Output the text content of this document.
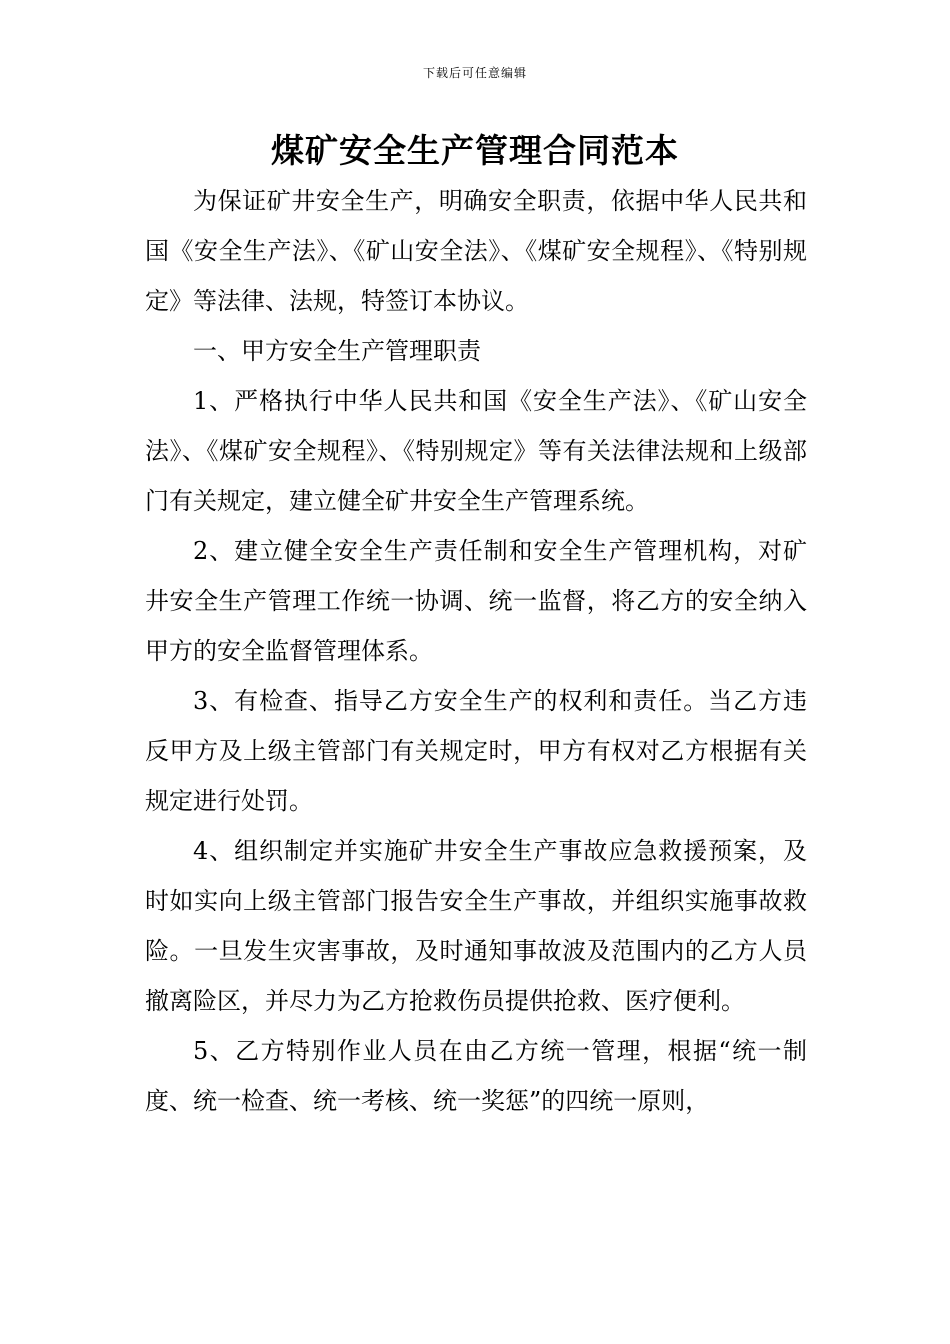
下载后可任意编辑
煤矿安全生产管理合同范本

为保证矿井安全生产，明确安全职责，依据中华人民共和国《安全生产法》、《矿山安全法》、《煤矿安全规程》、《特别规定》等法律、法规，特签订本协议。

一、甲方安全生产管理职责

1、严格执行中华人民共和国《安全生产法》、《矿山安全法》、《煤矿安全规程》、《特别规定》等有关法律法规和上级部门有关规定，建立健全矿井安全生产管理系统。

2、建立健全安全生产责任制和安全生产管理机构，对矿井安全生产管理工作统一协调、统一监督，将乙方的安全纳入甲方的安全监督管理体系。

3、有检查、指导乙方安全生产的权利和责任。当乙方违反甲方及上级主管部门有关规定时，甲方有权对乙方根据有关规定进行处罚。

4、组织制定并实施矿井安全生产事故应急救援预案，及时如实向上级主管部门报告安全生产事故，并组织实施事故救险。一旦发生灾害事故，及时通知事故波及范围内的乙方人员撤离险区，并尽力为乙方抢救伤员提供抢救、医疗便利。

5、乙方特别作业人员在由乙方统一管理，根据“统一制度、统一检查、统一考核、统一奖惩”的四统一原则，
